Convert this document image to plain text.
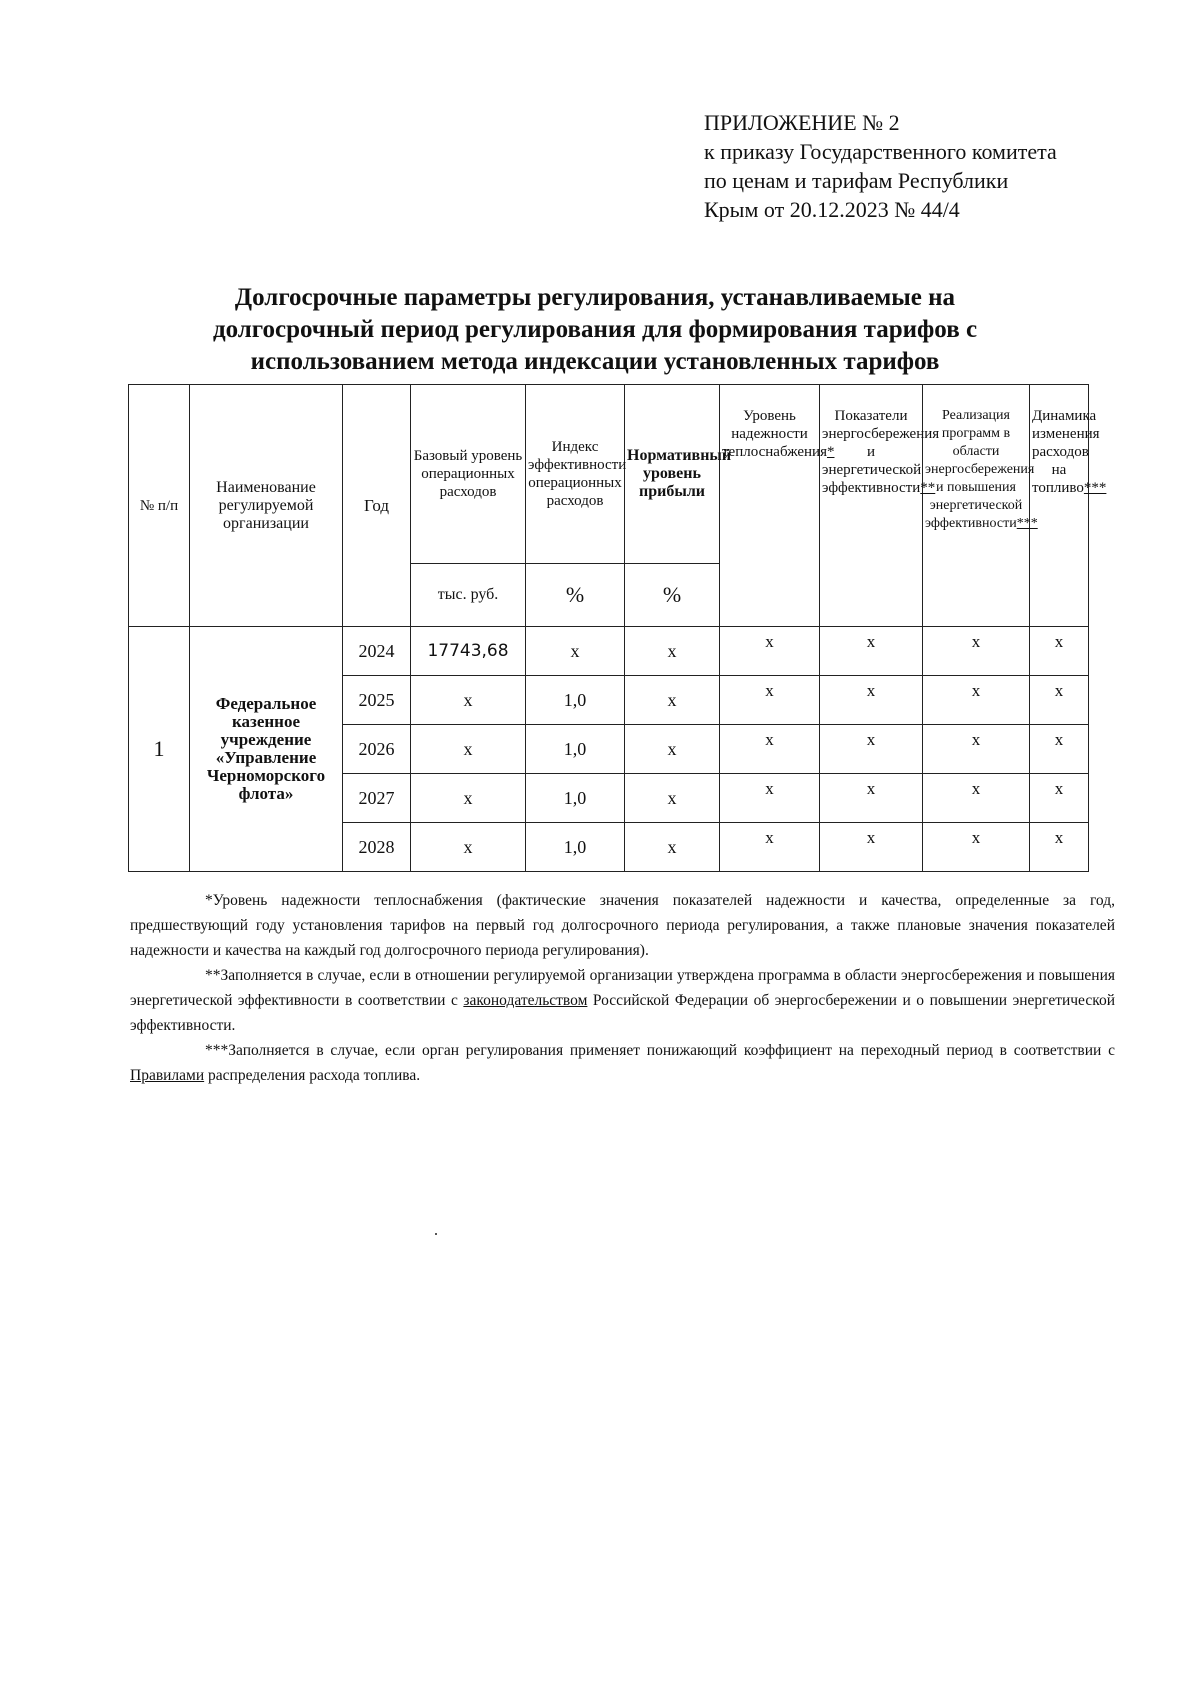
ПРИЛОЖЕНИЕ № 2
к приказу Государственного комитета
по ценам и тарифам Республики
Крым от 20.12.2023 № 44/4
Долгосрочные параметры регулирования, устанавливаемые на
долгосрочный период регулирования для формирования тарифов с
использованием метода индексации установленных тарифов
№ п/п	Наименование регулируемой организации	Год	Базовый уровень операционных расходов	Индекс эффективности операционных расходов	Нормативный уровень прибыли	Уровень надежности теплоснабжения*	Показатели энергосбережения и энергетической эффективности**	Реализация программ в области энергосбережения и повышения энергетической эффективности***	Динамика изменения расходов на топливо***
			тыс. руб.	%	%				
1	Федеральное казенное учреждение «Управление Черноморского флота»	2024	17743,68	х	х	х	х	х	х
		2025	х	1,0	х	х	х	х	х
		2026	х	1,0	х	х	х	х	х
		2027	х	1,0	х	х	х	х	х
		2028	х	1,0	х	х	х	х	х

*Уровень надежности теплоснабжения (фактические значения показателей надежности и качества, определенные за год, предшествующий году установления тарифов на первый год долгосрочного периода регулирования, а также плановые значения показателей надежности и качества на каждый год долгосрочного периода регулирования).

**Заполняется в случае, если в отношении регулируемой организации утверждена программа в области энергосбережения и повышения энергетической эффективности в соответствии с законодательством Российской Федерации об энергосбережении и о повышении энергетической эффективности.

***Заполняется в случае, если орган регулирования применяет понижающий коэффициент на переходный период в соответствии с Правилами распределения расхода топлива.
